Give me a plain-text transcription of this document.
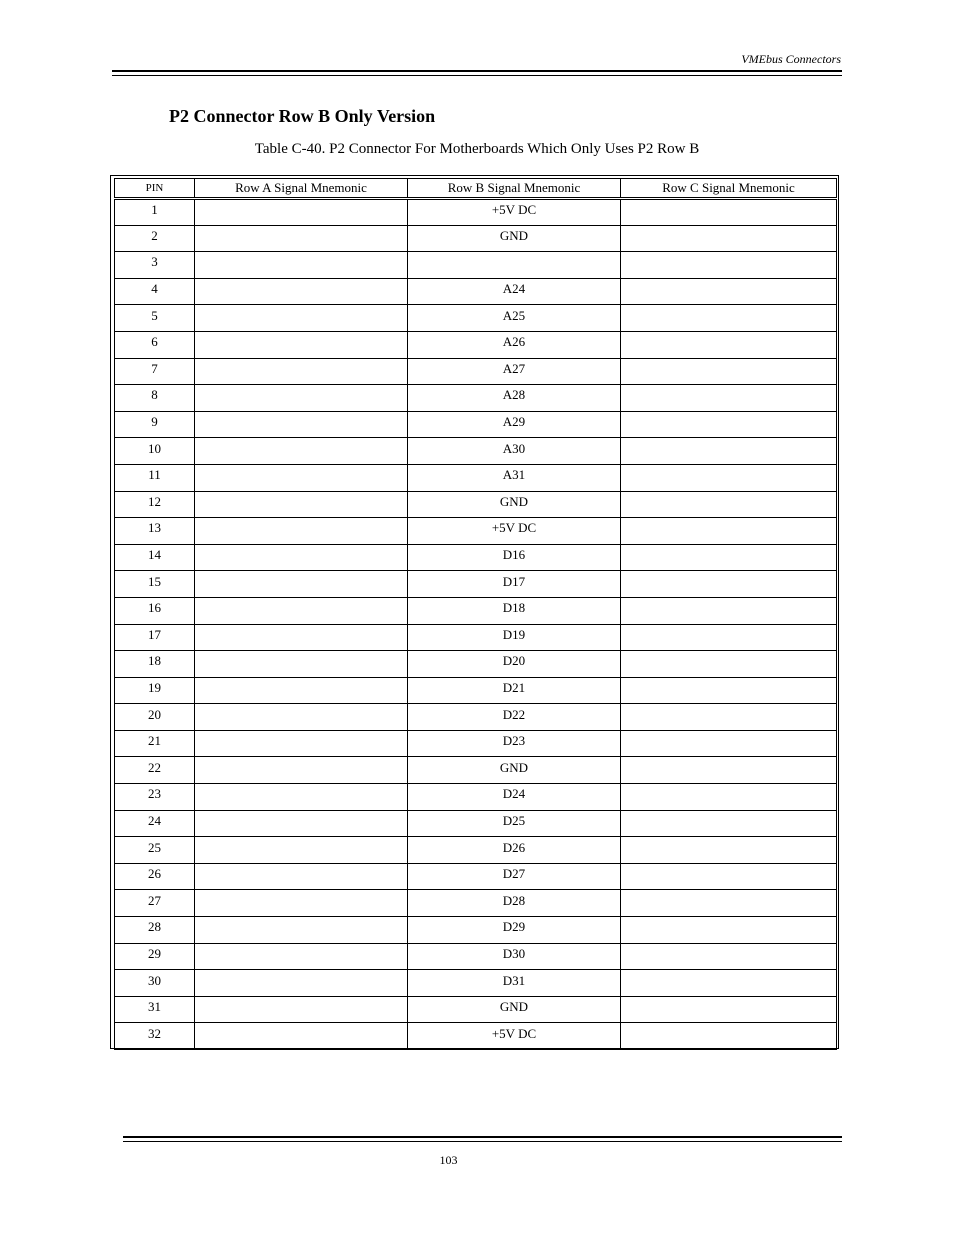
VMEbus Connectors
P2 Connector Row B Only Version
Table C-40. P2 Connector For Motherboards Which Only Uses P2 Row B
PIN	Row A Signal Mnemonic	Row B Signal Mnemonic	Row C Signal Mnemonic
1		+5V DC	
2		GND	
3			
4		A24	
5		A25	
6		A26	
7		A27	
8		A28	
9		A29	
10		A30	
11		A31	
12		GND	
13		+5V DC	
14		D16	
15		D17	
16		D18	
17		D19	
18		D20	
19		D21	
20		D22	
21		D23	
22		GND	
23		D24	
24		D25	
25		D26	
26		D27	
27		D28	
28		D29	
29		D30	
30		D31	
31		GND	
32		+5V DC	
103
